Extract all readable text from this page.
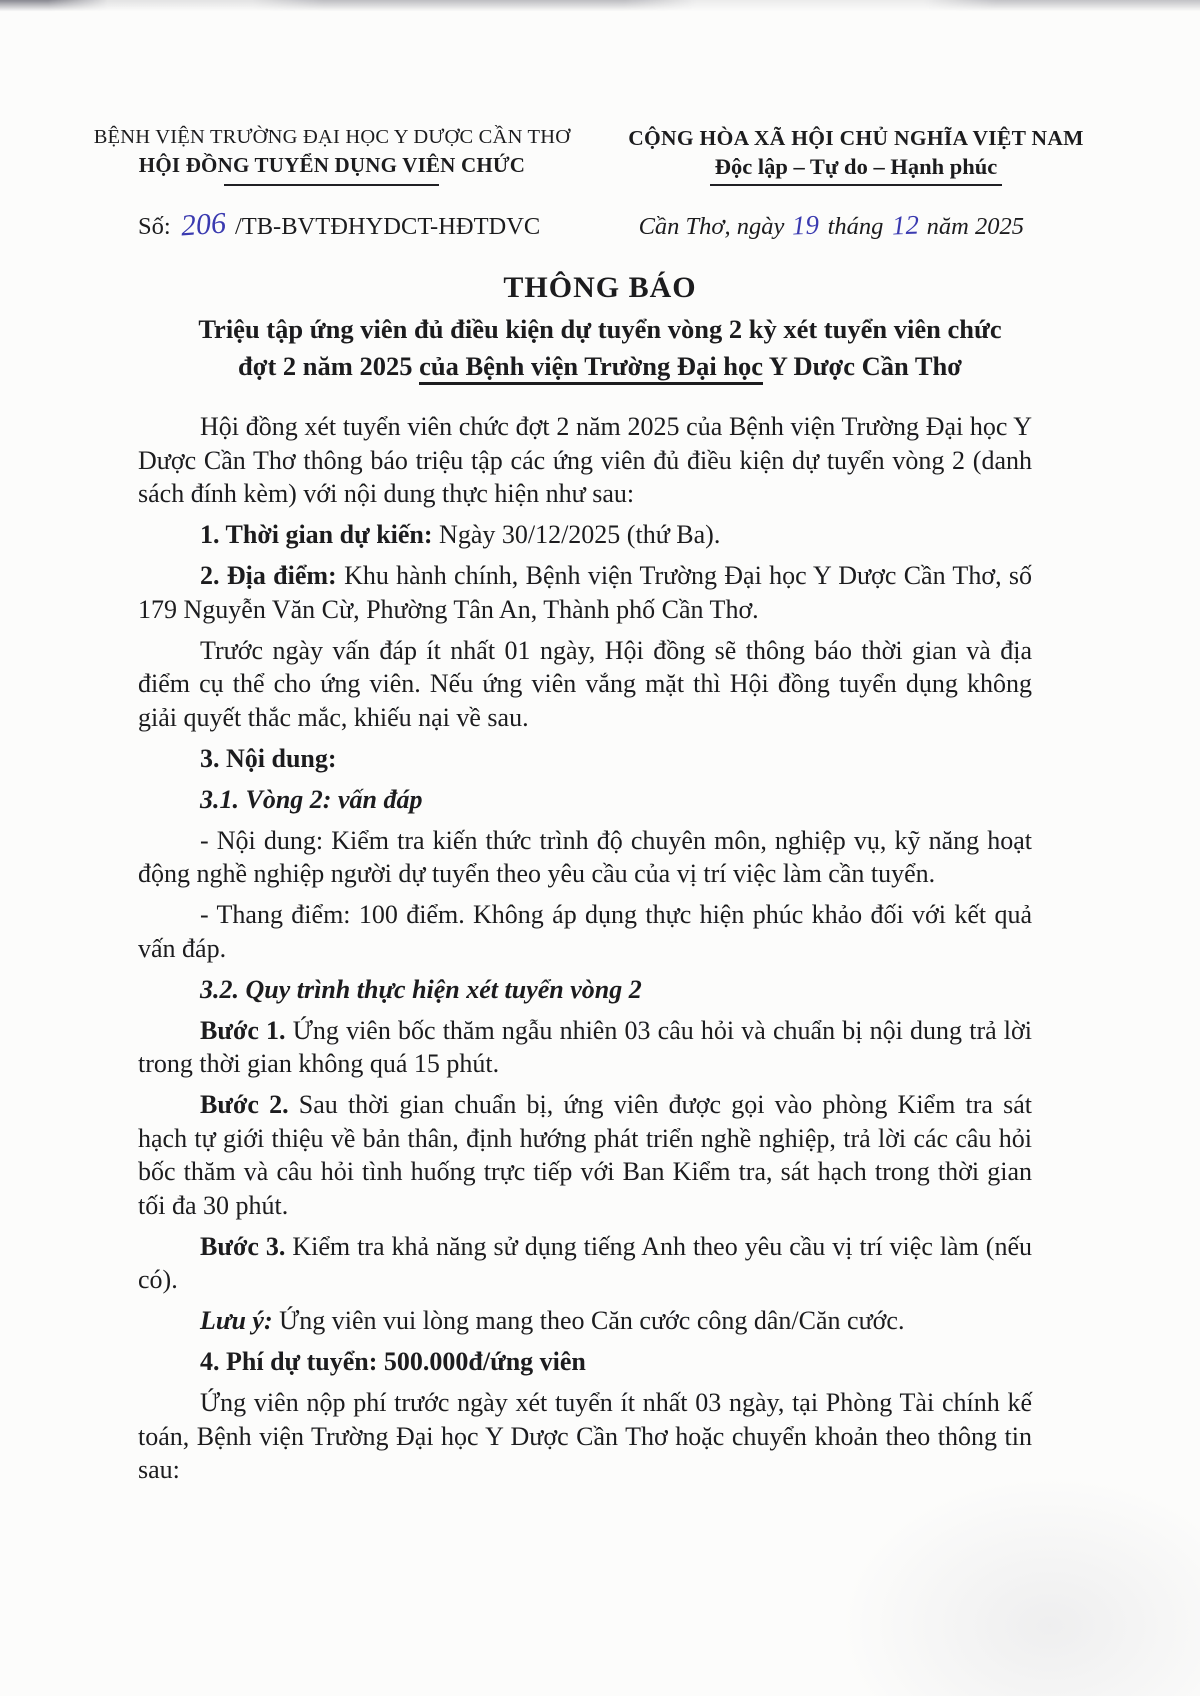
BỆNH VIỆN TRƯỜNG ĐẠI HỌC Y DƯỢC CẦN THƠ
HỘI ĐỒNG TUYỂN DỤNG VIÊN CHỨC
CỘNG HÒA XÃ HỘI CHỦ NGHĨA VIỆT NAM
Độc lập – Tự do – Hạnh phúc
Số: 206 /TB-BVTĐHYDCT-HĐTDVC	Cần Thơ, ngày 19 tháng 12 năm 2025
THÔNG BÁO
Triệu tập ứng viên đủ điều kiện dự tuyển vòng 2 kỳ xét tuyển viên chức
đợt 2 năm 2025 của Bệnh viện Trường Đại học Y Dược Cần Thơ

Hội đồng xét tuyển viên chức đợt 2 năm 2025 của Bệnh viện Trường Đại học Y Dược Cần Thơ thông báo triệu tập các ứng viên đủ điều kiện dự tuyển vòng 2 (danh sách đính kèm) với nội dung thực hiện như sau:

1. Thời gian dự kiến: Ngày 30/12/2025 (thứ Ba).

2. Địa điểm: Khu hành chính, Bệnh viện Trường Đại học Y Dược Cần Thơ, số 179 Nguyễn Văn Cừ, Phường Tân An, Thành phố Cần Thơ.

Trước ngày vấn đáp ít nhất 01 ngày, Hội đồng sẽ thông báo thời gian và địa điểm cụ thể cho ứng viên. Nếu ứng viên vắng mặt thì Hội đồng tuyển dụng không giải quyết thắc mắc, khiếu nại về sau.

3. Nội dung:

3.1. Vòng 2: vấn đáp

- Nội dung: Kiểm tra kiến thức trình độ chuyên môn, nghiệp vụ, kỹ năng hoạt động nghề nghiệp người dự tuyển theo yêu cầu của vị trí việc làm cần tuyển.

- Thang điểm: 100 điểm. Không áp dụng thực hiện phúc khảo đối với kết quả vấn đáp.

3.2. Quy trình thực hiện xét tuyển vòng 2

Bước 1. Ứng viên bốc thăm ngẫu nhiên 03 câu hỏi và chuẩn bị nội dung trả lời trong thời gian không quá 15 phút.

Bước 2. Sau thời gian chuẩn bị, ứng viên được gọi vào phòng Kiểm tra sát hạch tự giới thiệu về bản thân, định hướng phát triển nghề nghiệp, trả lời các câu hỏi bốc thăm và câu hỏi tình huống trực tiếp với Ban Kiểm tra, sát hạch trong thời gian tối đa 30 phút.

Bước 3. Kiểm tra khả năng sử dụng tiếng Anh theo yêu cầu vị trí việc làm (nếu có).

Lưu ý: Ứng viên vui lòng mang theo Căn cước công dân/Căn cước.

4. Phí dự tuyển: 500.000đ/ứng viên

Ứng viên nộp phí trước ngày xét tuyển ít nhất 03 ngày, tại Phòng Tài chính kế toán, Bệnh viện Trường Đại học Y Dược Cần Thơ hoặc chuyển khoản theo thông tin sau:
